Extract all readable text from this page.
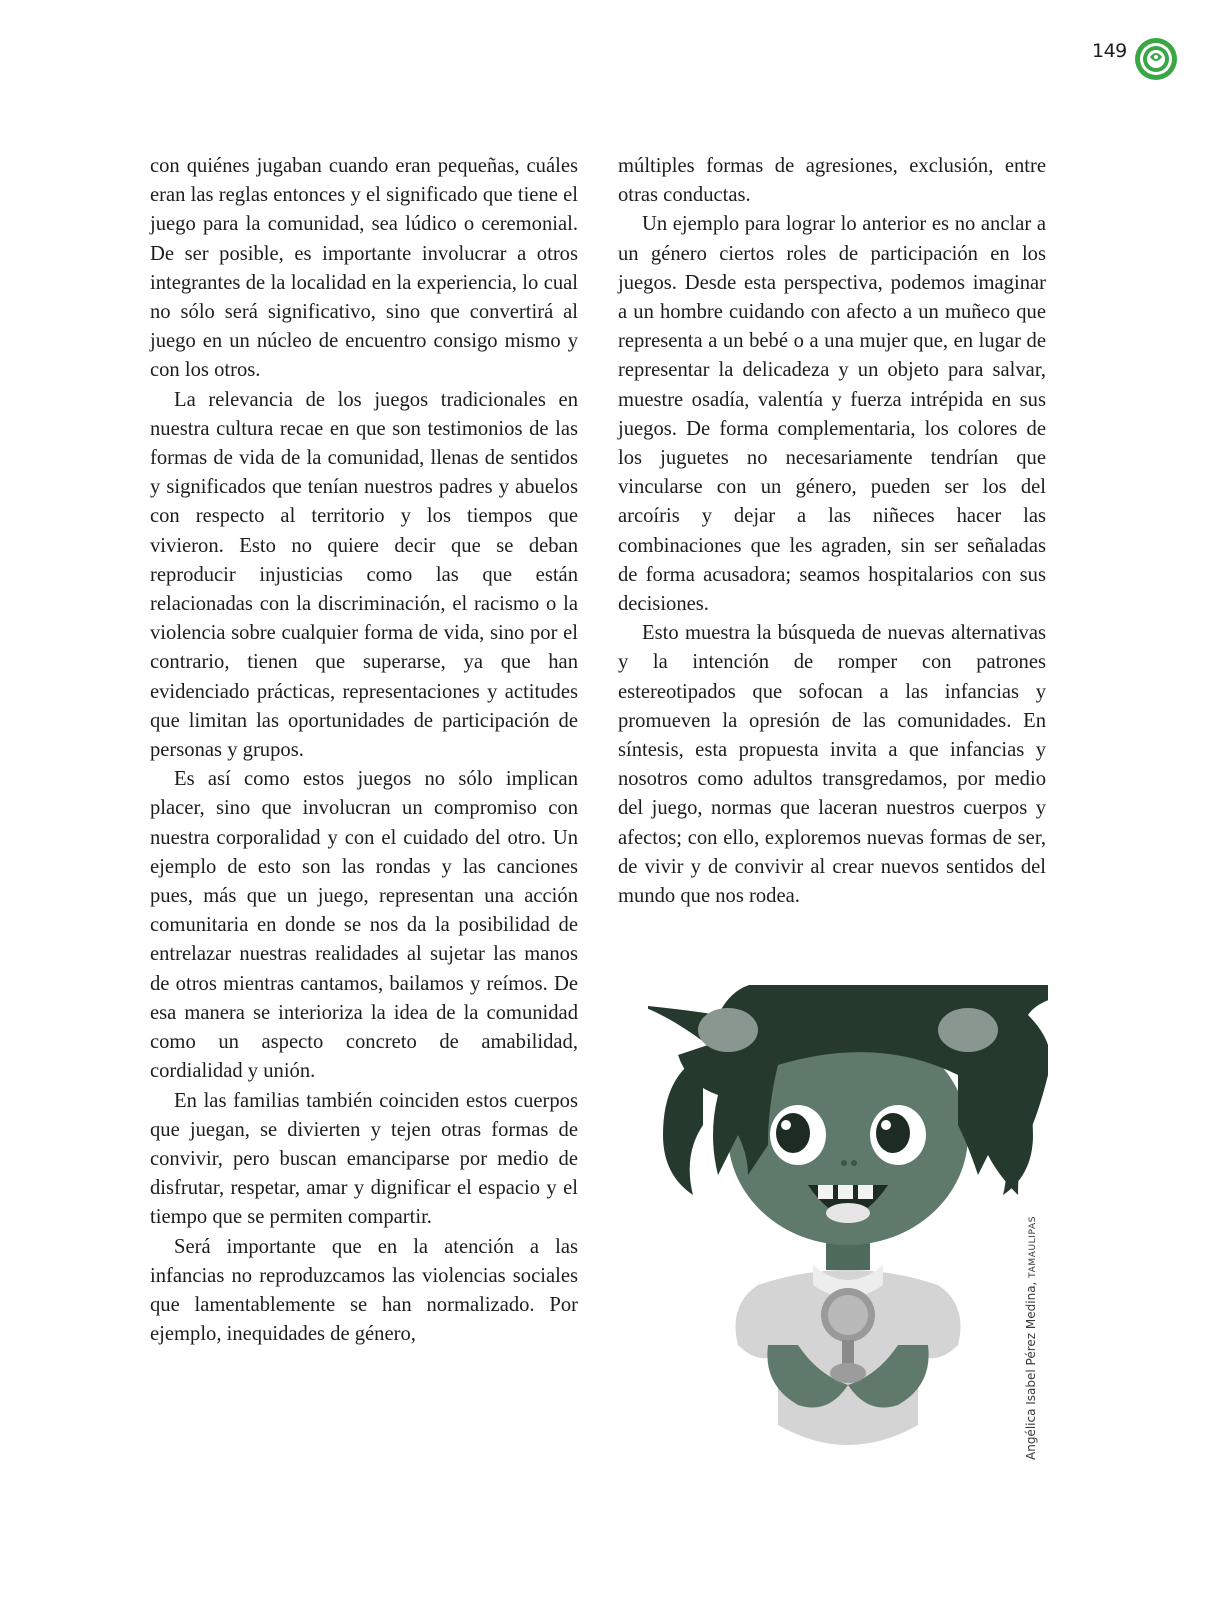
149

con quiénes jugaban cuando eran pequeñas, cuáles eran las reglas entonces y el significado que tiene el juego para la comunidad, sea lúdico o ceremonial. De ser posible, es importante involucrar a otros integrantes de la localidad en la experiencia, lo cual no sólo será significativo, sino que convertirá al juego en un núcleo de encuentro consigo mismo y con los otros.

La relevancia de los juegos tradicionales en nuestra cultura recae en que son testimonios de las formas de vida de la comunidad, llenas de sentidos y significados que tenían nuestros padres y abuelos con respecto al territorio y los tiempos que vivieron. Esto no quiere decir que se deban reproducir injusticias como las que están relacionadas con la discriminación, el racismo o la violencia sobre cualquier forma de vida, sino por el contrario, tienen que superarse, ya que han evidenciado prácticas, representaciones y actitudes que limitan las oportunidades de participación de personas y grupos.

Es así como estos juegos no sólo implican placer, sino que involucran un compromiso con nuestra corporalidad y con el cuidado del otro. Un ejemplo de esto son las rondas y las canciones pues, más que un juego, representan una acción comunitaria en donde se nos da la posibilidad de entrelazar nuestras realidades al sujetar las manos de otros mientras cantamos, bailamos y reímos. De esa manera se interioriza la idea de la comunidad como un aspecto concreto de amabilidad, cordialidad y unión.

En las familias también coinciden estos cuerpos que juegan, se divierten y tejen otras formas de convivir, pero buscan emanciparse por medio de disfrutar, respetar, amar y dignificar el espacio y el tiempo que se permiten compartir.

Será importante que en la atención a las infancias no reproduzcamos las violencias sociales que lamentablemente se han normalizado. Por ejemplo, inequidades de género,

múltiples formas de agresiones, exclusión, entre otras conductas.

Un ejemplo para lograr lo anterior es no anclar a un género ciertos roles de participación en los juegos. Desde esta perspectiva, podemos imaginar a un hombre cuidando con afecto a un muñeco que representa a un bebé o a una mujer que, en lugar de representar la delicadeza y un objeto para salvar, muestre osadía, valentía y fuerza intrépida en sus juegos. De forma complementaria, los colores de los juguetes no necesariamente tendrían que vincularse con un género, pueden ser los del arcoíris y dejar a las niñeces hacer las combinaciones que les agraden, sin ser señaladas de forma acusadora; seamos hospitalarios con sus decisiones.

Esto muestra la búsqueda de nuevas alternativas y la intención de romper con patrones estereotipados que sofocan a las infancias y promueven la opresión de las comunidades. En síntesis, esta propuesta invita a que infancias y nosotros como adultos transgredamos, por medio del juego, normas que laceran nuestros cuerpos y afectos; con ello, exploremos nuevas formas de ser, de vivir y de convivir al crear nuevos sentidos del mundo que nos rodea.

Angélica Isabel Pérez Medina, TAMAULIPAS
